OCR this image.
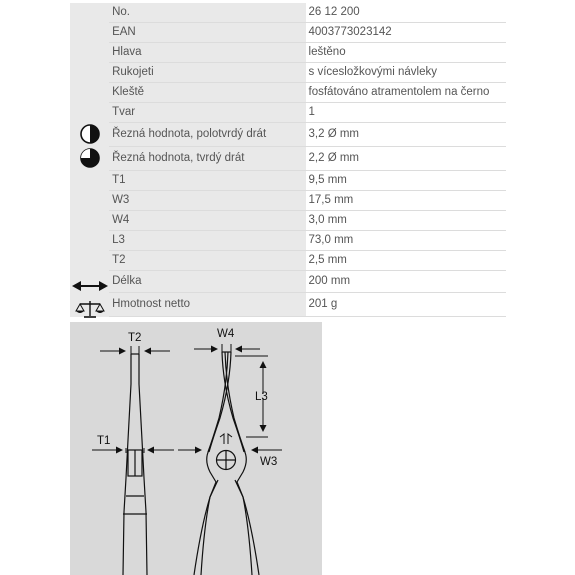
	No.	26 12 200
	EAN	4003773023142
	Hlava	leštěno
	Rukojeti	s vícesložkovými návleky
	Kleště	fosfátováno atramentolem na černo
	Tvar	1
	Řezná hodnota, polotvrdý drát	3,2 Ø mm
	Řezná hodnota, tvrdý drát	2,2 Ø mm
	T1	9,5 mm
	W3	17,5 mm
	W4	3,0 mm
	L3	73,0 mm
	T2	2,5 mm
	Délka	200 mm
	Hmotnost netto	201 g
T2
T1
W4
L3
W3
